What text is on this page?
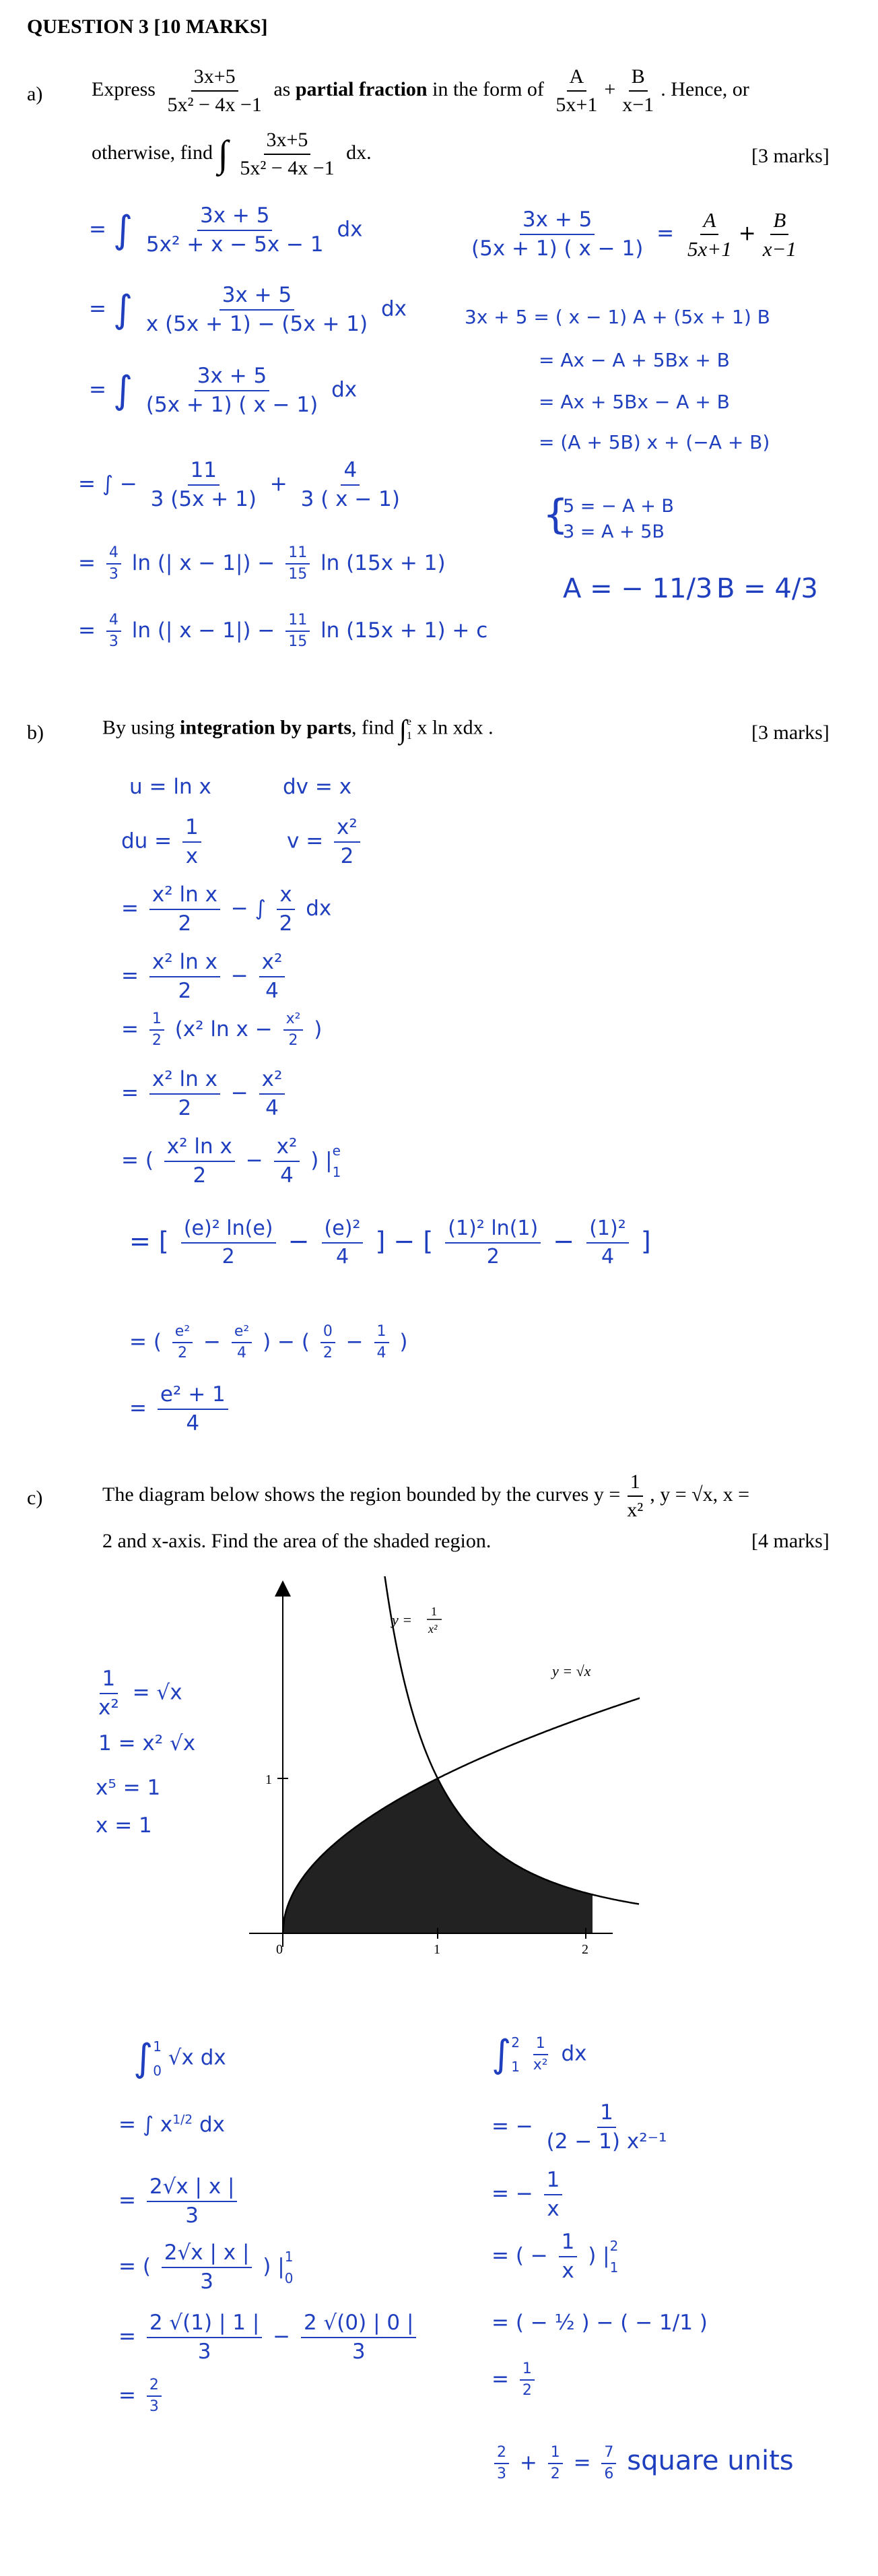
QUESTION 3 [10 MARKS]
a) Express $\frac{3x+5}{\text{5x² − 4x −1}}$ as partial fraction in the form of $\frac{A}{5x+1} + \frac{B}{x-1}$ . Hence, or
otherwise, find ∫ $\frac{3x+5}{\text{5x² − 4x −1}}$ dx.	[3 marks]
= ∫ $\frac{3x + 5}{\text{5x² + x − 5x − 1}}$ dx
= ∫ $\frac{3x + 5}{x (5x + 1) - (5x + 1)}$ dx
= ∫ $\frac{3x + 5}{(5x + 1) ( x - 1)}$ dx
= ∫ − $\frac{11}{3 (5x + 1)} + \frac{4}{3 ( x - 1)}$
= $\frac{4}{3}$ ln (| $x - 1|) - \frac{11}{15}$ ln (15x + 1)
= $\frac{4}{3}$ ln (| $x - 1|) - \frac{11}{15}$ ln (15x + 1) + c
$\frac{3x + 5}{(5x + 1) ( x - 1)} = \frac{A}{5x+1} + \frac{B}{x-1}$
3x + 5 = ( x − 1) A + (5x + 1) B
= Ax − A + 5Bx + B
= Ax + 5Bx − A + B
= (A + 5B) x + (−A + B)
{
5 = − A + B
3 = A + 5B
A = − 11/3 B = 4/3
b)	By using integration by parts, find ∫ e
1 x ln xdx .	[3 marks]
u = ln x	dv = x
du = $\frac{1}{x}$	$v = \frac{\text{x²}}{2}$
= $\frac{\text{x² ln x}}{2}$ − ∫ $\frac{x}{2}$ dx
= $\frac{\text{x² ln x}}{2} - \frac{\text{x²}}{4}$
= $\frac{1}{2} (x^2$ $\ln x - \frac{\text{x²}}{2}$ )
= $\frac{\text{x² ln x}}{2} - \frac{\text{x²}}{4}$
= ( $\frac{\text{x² ln x}}{2} - \frac{\text{x²}}{4}$ ) | e
1
= [ $\frac{\text{(e)² ln(e)}}{2} - \frac{\text{(e)²}}{4}$ ] − [ $\frac{\text{(1)² ln(1)}}{2} - \frac{\text{(1)²}}{4}$ ]
= ( $\frac{\text{e²}}{2} - \frac{\text{e²}}{4}$ ) − ( $\frac{0}{2} - \frac{1}{4}$ )
= $\frac{\text{e² + 1}}{4}$
c)	The diagram below shows the region bounded by the curves $y = \frac{1}{\text{x²}}$ , y = √x, x =
2 and x-axis. Find the area of the shaded region.	[4 marks]
1
0	1	2
y = 1
x²
y = √x
$\frac{1}{\text{x²}} = √x$
1 = x² √x
x⁵ = 1
x = 1
∫ 1
0
√x dx
= ∫ $x^{1/2}$ dx
= $\frac{2√x | x |}{3}$
= ( $\frac{2√x | x |}{3}$ ) | 1
0
= $\frac{2 √(1) | 1 |}{3} - \frac{2 √(0) | 0 |}{3}$
= $\frac{2}{3}$
∫ 2
1
$\frac{1}{\text{x²}}$ dx
= − $\frac{1}{\text{(2 − 1) x²⁻¹}}$
= − $\frac{1}{x}$
= ( − $\frac{1}{x}$ ) | 2
1
= ( − ½ ) − ( − 1/1 )
= $\frac{1}{2}$
$\frac{2}{3} + \frac{1}{2} = \frac{7}{6}$ square units
